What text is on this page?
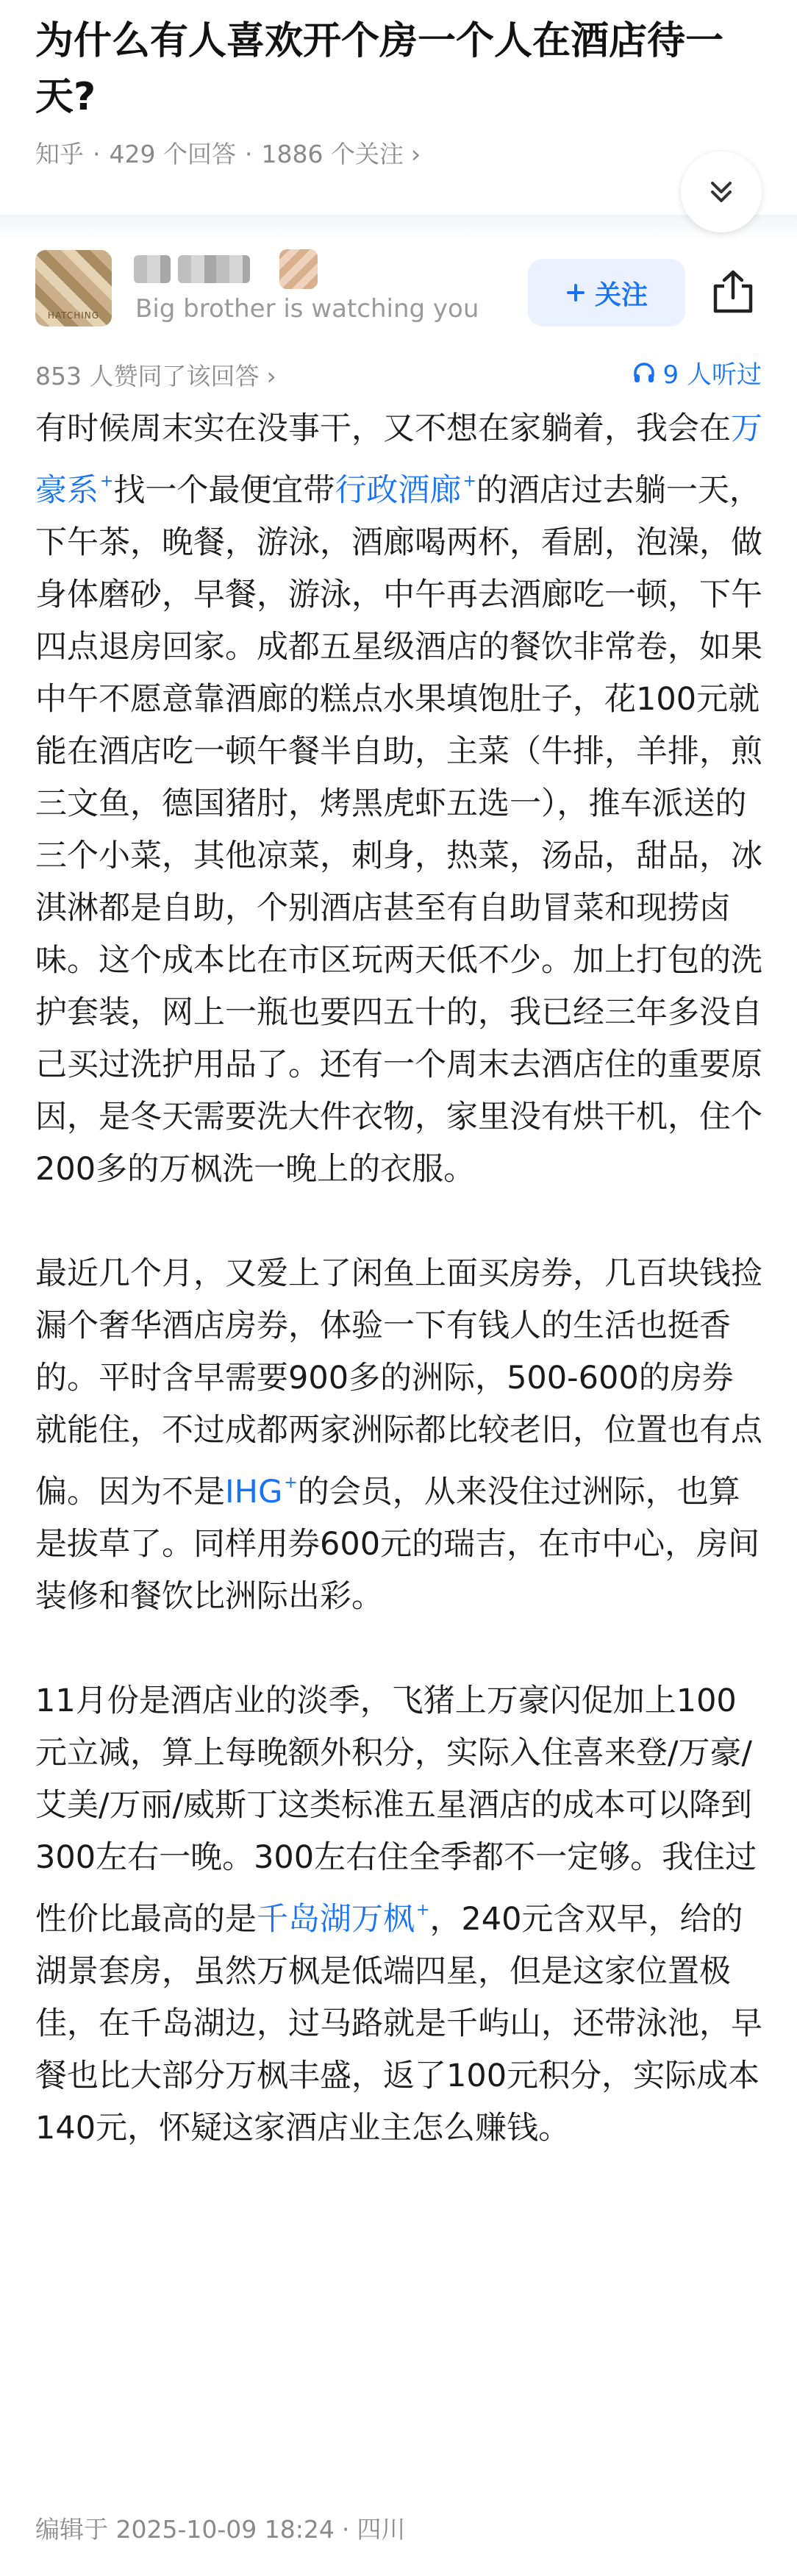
为什么有人喜欢开个房一个人在酒店待一天?
知乎 · 429 个回答 · 1886 个关注 ›
HATCHING	Big brother is watching you	关注
853 人赞同了该回答 ›	9 人听过

有时候周末实在没事干，又不想在家躺着，我会在万豪系+找一个最便宜带行政酒廊+的酒店过去躺一天，下午茶，晚餐，游泳，酒廊喝两杯，看剧，泡澡，做身体磨砂，早餐，游泳，中午再去酒廊吃一顿，下午四点退房回家。成都五星级酒店的餐饮非常卷，如果中午不愿意靠酒廊的糕点水果填饱肚子，花100元就能在酒店吃一顿午餐半自助，主菜（牛排，羊排，煎三文鱼，德国猪肘，烤黑虎虾五选一），推车派送的三个小菜，其他凉菜，刺身，热菜，汤品，甜品，冰淇淋都是自助，个别酒店甚至有自助冒菜和现捞卤味。这个成本比在市区玩两天低不少。加上打包的洗护套装，网上一瓶也要四五十的，我已经三年多没自己买过洗护用品了。还有一个周末去酒店住的重要原因，是冬天需要洗大件衣物，家里没有烘干机，住个200多的万枫洗一晚上的衣服。

最近几个月，又爱上了闲鱼上面买房券，几百块钱捡漏个奢华酒店房券，体验一下有钱人的生活也挺香的。平时含早需要900多的洲际，500-600的房券就能住，不过成都两家洲际都比较老旧，位置也有点偏。因为不是IHG+的会员，从来没住过洲际，也算是拔草了。同样用券600元的瑞吉，在市中心，房间装修和餐饮比洲际出彩。

11月份是酒店业的淡季，飞猪上万豪闪促加上100元立减，算上每晚额外积分，实际入住喜来登/万豪/艾美/万丽/威斯丁这类标准五星酒店的成本可以降到300左右一晚。300左右住全季都不一定够。我住过性价比最高的是千岛湖万枫+，240元含双早，给的湖景套房，虽然万枫是低端四星，但是这家位置极佳，在千岛湖边，过马路就是千屿山，还带泳池，早餐也比大部分万枫丰盛，返了100元积分，实际成本140元，怀疑这家酒店业主怎么赚钱。

编辑于 2025-10-09 18:24 · 四川
